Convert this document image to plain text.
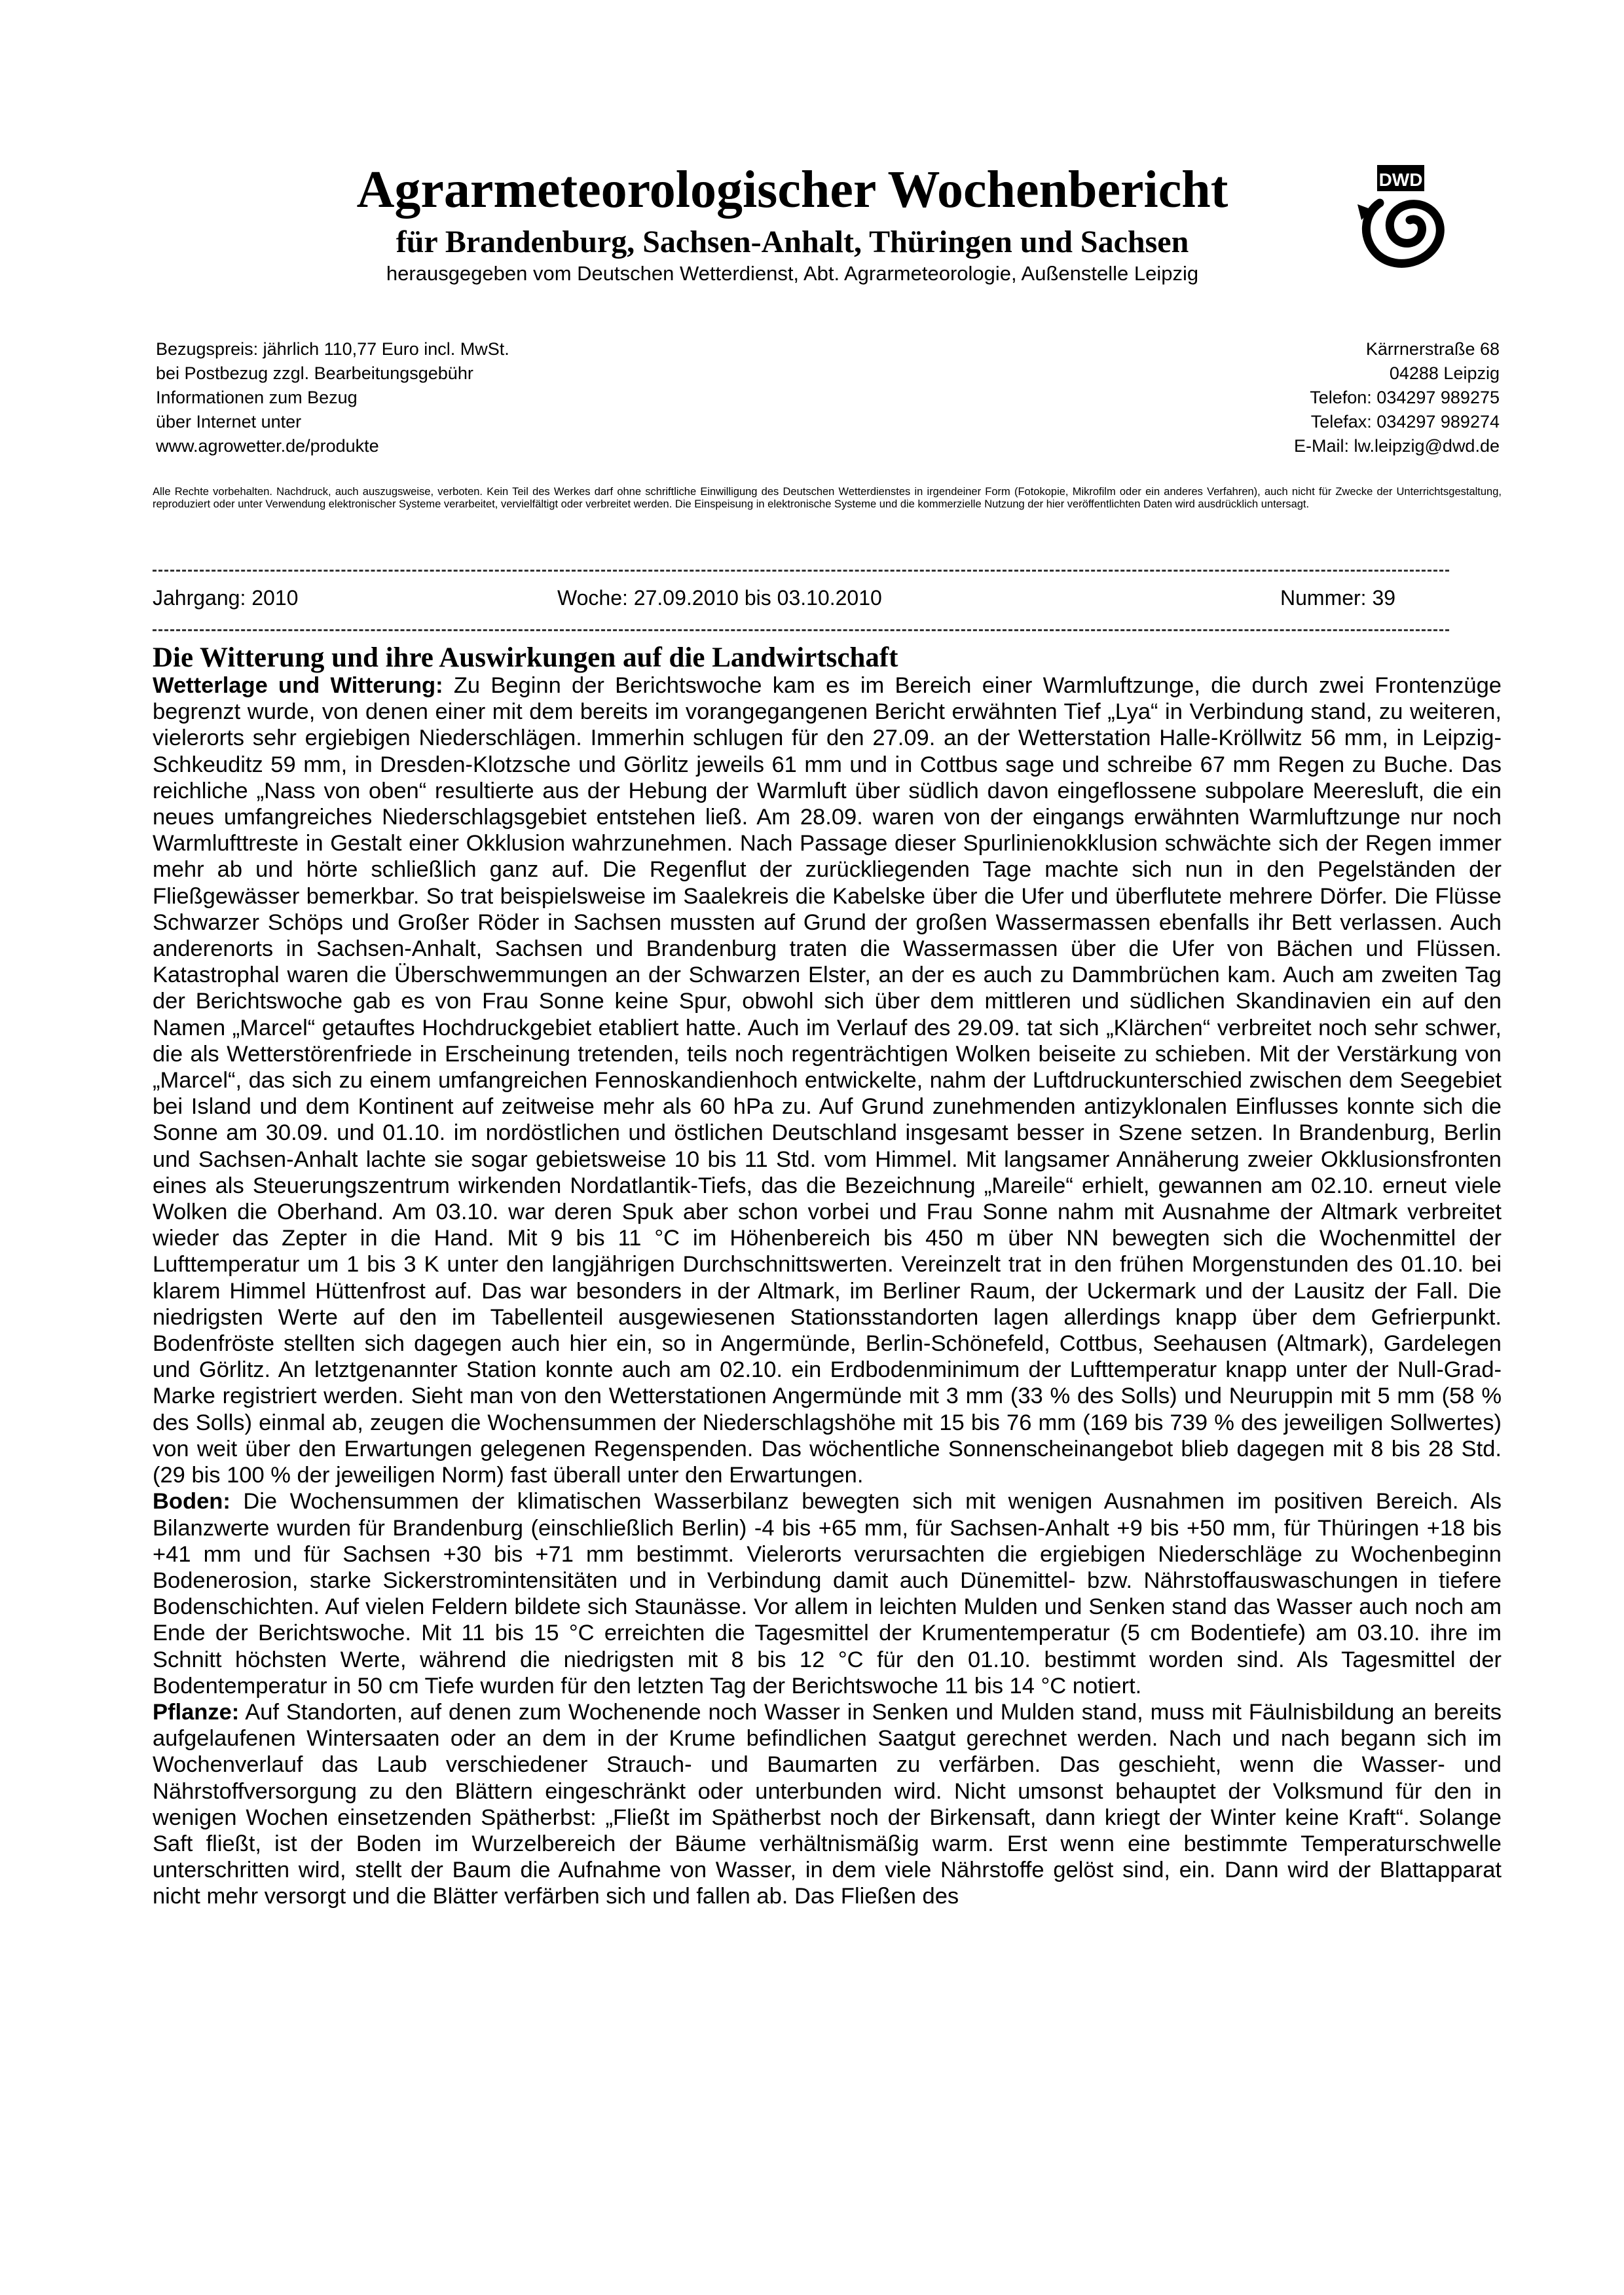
Agrarmeteorologischer Wochenbericht
für Brandenburg, Sachsen-Anhalt, Thüringen und Sachsen
herausgegeben vom Deutschen Wetterdienst, Abt. Agrarmeteorologie, Außenstelle Leipzig
DWD
Bezugspreis: jährlich 110,77 Euro incl. MwSt.
bei Postbezug zzgl. Bearbeitungsgebühr
Informationen zum Bezug
über Internet unter
www.agrowetter.de/produkte
Kärrnerstraße 68
04288 Leipzig
Telefon: 034297 989275
Telefax: 034297 989274
E-Mail: lw.leipzig@dwd.de
Alle Rechte vorbehalten. Nachdruck, auch auszugsweise, verboten. Kein Teil des Werkes darf ohne schriftliche Einwilligung des Deutschen Wetterdienstes in irgendeiner Form (Fotokopie, Mikrofilm oder ein anderes Verfahren), auch nicht für Zwecke der Unterrichtsgestaltung, reproduziert oder unter Verwendung elektronischer Systeme verarbeitet, vervielfältigt oder verbreitet werden. Die Einspeisung in elektronische Systeme und die kommerzielle Nutzung der hier veröffentlichten Daten wird ausdrücklich untersagt.
Jahrgang: 2010	Woche: 27.09.2010 bis 03.10.2010	Nummer: 39
Die Witterung und ihre Auswirkungen auf die Landwirtschaft

Wetterlage und Witterung: Zu Beginn der Berichtswoche kam es im Bereich einer Warmluftzunge, die durch zwei Frontenzüge begrenzt wurde, von denen einer mit dem bereits im vorangegangenen Bericht erwähnten Tief „Lya“ in Verbindung stand, zu weiteren, vielerorts sehr ergiebigen Niederschlägen. Immerhin schlugen für den 27.09. an der Wetterstation Halle-Kröllwitz 56 mm, in Leipzig-Schkeuditz 59 mm, in Dresden-Klotzsche und Görlitz jeweils 61 mm und in Cottbus sage und schreibe 67 mm Regen zu Buche. Das reichliche „Nass von oben“ resultierte aus der Hebung der Warmluft über südlich davon eingeflossene subpolare Meeresluft, die ein neues umfangreiches Niederschlagsgebiet entstehen ließ. Am 28.09. waren von der eingangs erwähnten Warmluftzunge nur noch Warmlufttreste in Gestalt einer Okklusion wahrzunehmen. Nach Passage dieser Spurlinienokklusion schwächte sich der Regen immer mehr ab und hörte schließlich ganz auf. Die Regenflut der zurückliegenden Tage machte sich nun in den Pegelständen der Fließgewässer bemerkbar. So trat beispielsweise im Saalekreis die Kabelske über die Ufer und überflutete mehrere Dörfer. Die Flüsse Schwarzer Schöps und Großer Röder in Sachsen mussten auf Grund der großen Wassermassen ebenfalls ihr Bett verlassen. Auch anderenorts in Sachsen-Anhalt, Sachsen und Brandenburg traten die Wassermassen über die Ufer von Bächen und Flüssen. Katastrophal waren die Überschwemmungen an der Schwarzen Elster, an der es auch zu Dammbrüchen kam. Auch am zweiten Tag der Berichtswoche gab es von Frau Sonne keine Spur, obwohl sich über dem mittleren und südlichen Skandinavien ein auf den Namen „Marcel“ getauftes Hochdruckgebiet etabliert hatte. Auch im Verlauf des 29.09. tat sich „Klärchen“ verbreitet noch sehr schwer, die als Wetterstörenfriede in Erscheinung tretenden, teils noch regenträchtigen Wolken beiseite zu schieben. Mit der Verstärkung von „Marcel“, das sich zu einem umfangreichen Fennoskandienhoch entwickelte, nahm der Luftdruckunterschied zwischen dem Seegebiet bei Island und dem Kontinent auf zeitweise mehr als 60 hPa zu. Auf Grund zunehmenden antizyklonalen Einflusses konnte sich die Sonne am 30.09. und 01.10. im nordöstlichen und östlichen Deutschland insgesamt besser in Szene setzen. In Brandenburg, Berlin und Sachsen-Anhalt lachte sie sogar gebietsweise 10 bis 11 Std. vom Himmel. Mit langsamer Annäherung zweier Okklusionsfronten eines als Steuerungszentrum wirkenden Nordatlantik-Tiefs, das die Bezeichnung „Mareile“ erhielt, gewannen am 02.10. erneut viele Wolken die Oberhand. Am 03.10. war deren Spuk aber schon vorbei und Frau Sonne nahm mit Ausnahme der Altmark verbreitet wieder das Zepter in die Hand. Mit 9 bis 11 °C im Höhenbereich bis 450 m über NN bewegten sich die Wochenmittel der Lufttemperatur um 1 bis 3 K unter den langjährigen Durchschnittswerten. Vereinzelt trat in den frühen Morgenstunden des 01.10. bei klarem Himmel Hüttenfrost auf. Das war besonders in der Altmark, im Berliner Raum, der Uckermark und der Lausitz der Fall. Die niedrigsten Werte auf den im Tabellenteil ausgewiesenen Stationsstandorten lagen allerdings knapp über dem Gefrierpunkt. Bodenfröste stellten sich dagegen auch hier ein, so in Angermünde, Berlin-Schönefeld, Cottbus, Seehausen (Altmark), Gardelegen und Görlitz. An letztgenannter Station konnte auch am 02.10. ein Erdbodenminimum der Lufttemperatur knapp unter der Null-Grad-Marke registriert werden. Sieht man von den Wetterstationen Angermünde mit 3 mm (33 % des Solls) und Neuruppin mit 5 mm (58 % des Solls) einmal ab, zeugen die Wochensummen der Niederschlagshöhe mit 15 bis 76 mm (169 bis 739 % des jeweiligen Sollwertes) von weit über den Erwartungen gelegenen Regenspenden. Das wöchentliche Sonnenscheinangebot blieb dagegen mit 8 bis 28 Std. (29 bis 100 % der jeweiligen Norm) fast überall unter den Erwartungen.

Boden: Die Wochensummen der klimatischen Wasserbilanz bewegten sich mit wenigen Ausnahmen im positiven Bereich. Als Bilanzwerte wurden für Brandenburg (einschließlich Berlin) -4 bis +65 mm, für Sachsen-Anhalt +9 bis +50 mm, für Thüringen +18 bis +41 mm und für Sachsen +30 bis +71 mm bestimmt. Vielerorts verursachten die ergiebigen Niederschläge zu Wochenbeginn Bodenerosion, starke Sickerstromintensitäten und in Verbindung damit auch Dünemittel- bzw. Nährstoffauswaschungen in tiefere Bodenschichten. Auf vielen Feldern bildete sich Staunässe. Vor allem in leichten Mulden und Senken stand das Wasser auch noch am Ende der Berichtswoche. Mit 11 bis 15 °C erreichten die Tagesmittel der Krumentemperatur (5 cm Bodentiefe) am 03.10. ihre im Schnitt höchsten Werte, während die niedrigsten mit 8 bis 12 °C für den 01.10. bestimmt worden sind. Als Tagesmittel der Bodentemperatur in 50 cm Tiefe wurden für den letzten Tag der Berichtswoche 11 bis 14 °C notiert.

Pflanze: Auf Standorten, auf denen zum Wochenende noch Wasser in Senken und Mulden stand, muss mit Fäulnisbildung an bereits aufgelaufenen Wintersaaten oder an dem in der Krume befindlichen Saatgut gerechnet werden. Nach und nach begann sich im Wochenverlauf das Laub verschiedener Strauch- und Baumarten zu verfärben. Das geschieht, wenn die Wasser- und Nährstoffversorgung zu den Blättern eingeschränkt oder unterbunden wird. Nicht umsonst behauptet der Volksmund für den in wenigen Wochen einsetzenden Spätherbst: „Fließt im Spätherbst noch der Birkensaft, dann kriegt der Winter keine Kraft“. Solange Saft fließt, ist der Boden im Wurzelbereich der Bäume verhältnismäßig warm. Erst wenn eine bestimmte Temperaturschwelle unterschritten wird, stellt der Baum die Aufnahme von Wasser, in dem viele Nährstoffe gelöst sind, ein. Dann wird der Blattapparat nicht mehr versorgt und die Blätter verfärben sich und fallen ab. Das Fließen des
